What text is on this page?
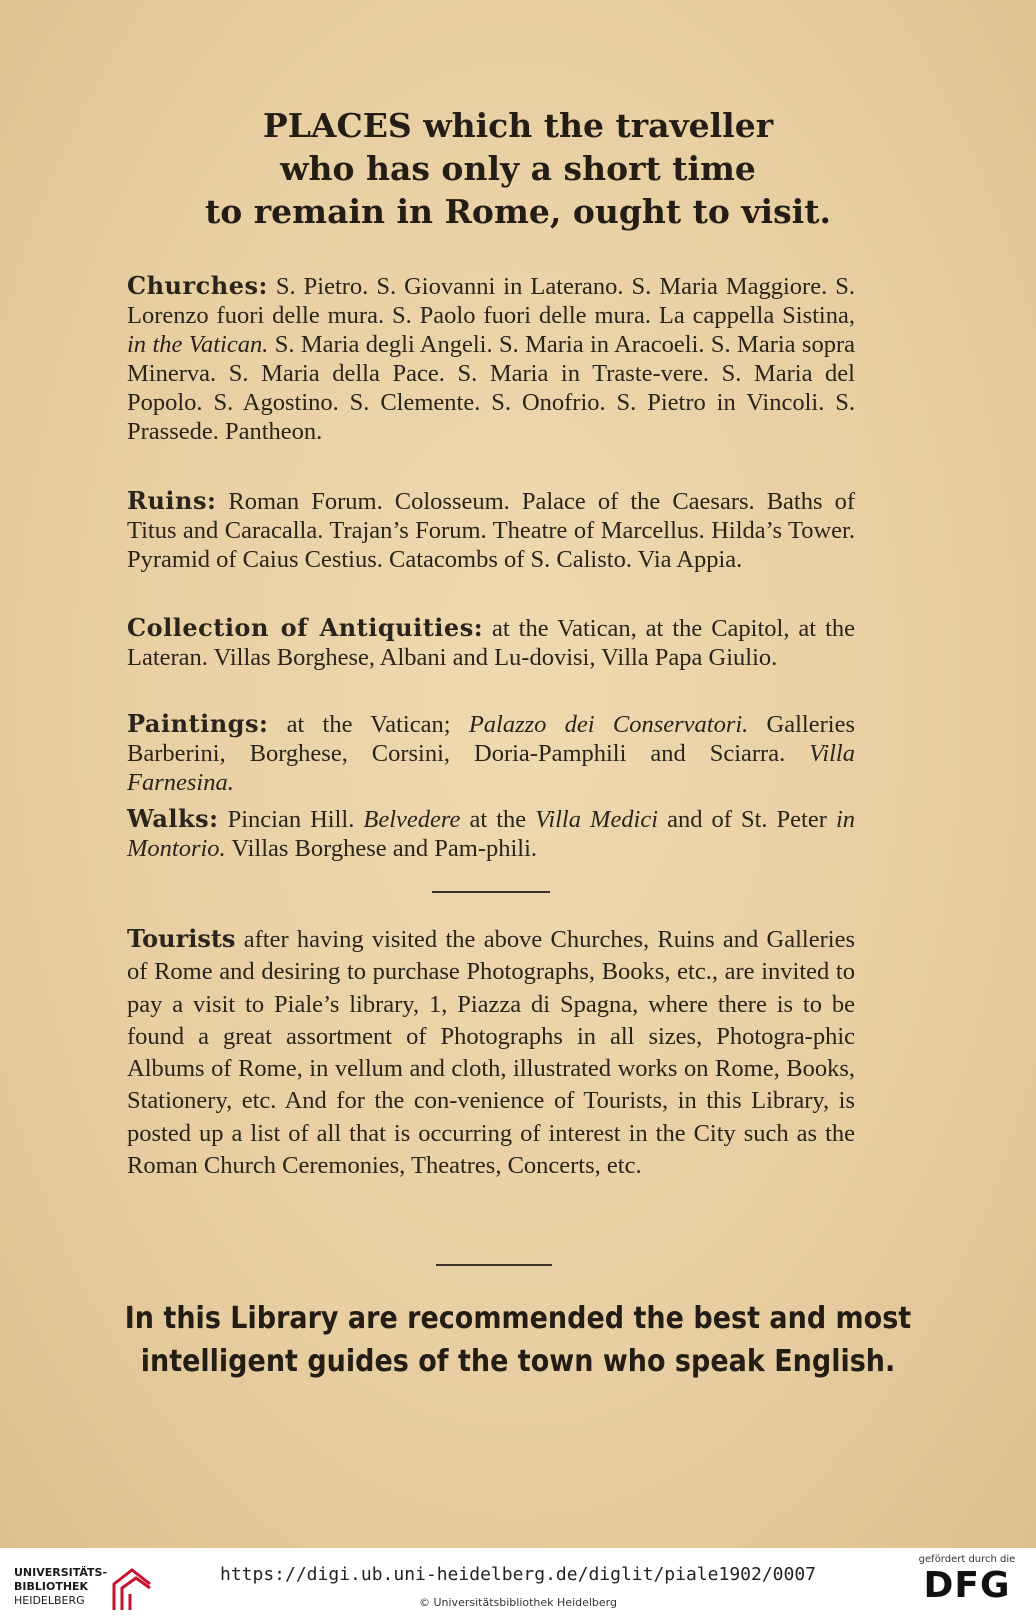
PLACES which the traveller
who has only a short time
to remain in Rome, ought to visit.
Churches: S. Pietro. S. Giovanni in Laterano. S. Maria Maggiore. S. Lorenzo fuori delle mura. S. Paolo fuori delle mura. La cappella Sistina, in the Vatican. S. Maria degli Angeli. S. Maria in Aracoeli. S. Maria sopra Minerva. S. Maria della Pace. S. Maria in Traste-vere. S. Maria del Popolo. S. Agostino. S. Clemente. S. Onofrio. S. Pietro in Vincoli. S. Prassede. Pantheon.
Ruins: Roman Forum. Colosseum. Palace of the Caesars. Baths of Titus and Caracalla. Trajan’s Forum. Theatre of Marcellus. Hilda’s Tower. Pyramid of Caius Cestius. Catacombs of S. Calisto. Via Appia.
Collection of Antiquities: at the Vatican, at the Capitol, at the Lateran. Villas Borghese, Albani and Lu-dovisi, Villa Papa Giulio.
Paintings: at the Vatican; Palazzo dei Conservatori. Galleries Barberini, Borghese, Corsini, Doria-Pamphili and Sciarra. Villa Farnesina.
Walks: Pincian Hill. Belvedere at the Villa Medici and of St. Peter in Montorio. Villas Borghese and Pam-phili.
Tourists after having visited the above Churches, Ruins and Galleries of Rome and desiring to purchase Photographs, Books, etc., are invited to pay a visit to Piale’s library, 1, Piazza di Spagna, where there is to be found a great assortment of Photographs in all sizes, Photogra-phic Albums of Rome, in vellum and cloth, illustrated works on Rome, Books, Stationery, etc. And for the con-venience of Tourists, in this Library, is posted up a list of all that is occurring of interest in the City such as the Roman Church Ceremonies, Theatres, Concerts, etc.
In this Library are recommended the best and most
intelligent guides of the town who speak English.
UNIVERSITÄTS-
BIBLIOTHEK
HEIDELBERG
https://digi.ub.uni-heidelberg.de/diglit/piale1902/0007
© Universitätsbibliothek Heidelberg
gefördert durch die
DFG
